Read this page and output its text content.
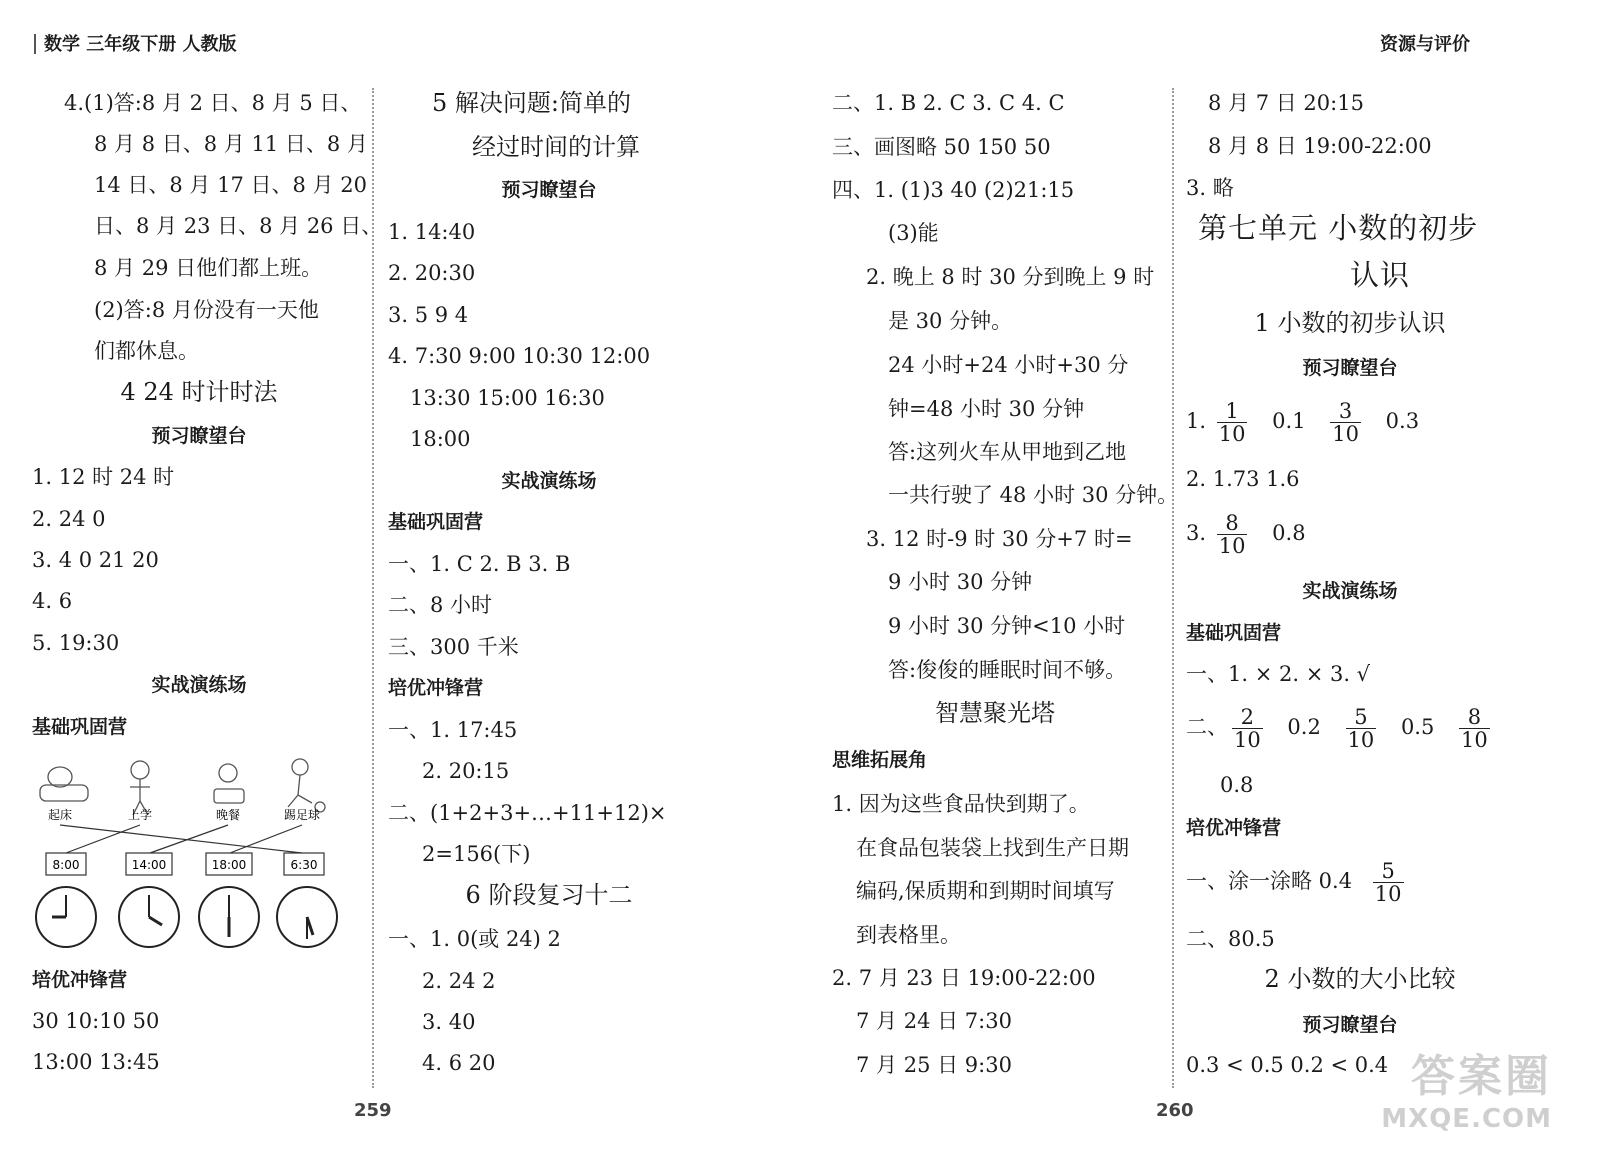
数学 三年级下册 人教版	资源与评价
4.(1)答:8 月 2 日、8 月 5 日、
8 月 8 日、8 月 11 日、8 月
14 日、8 月 17 日、8 月 20
日、8 月 23 日、8 月 26 日、
8 月 29 日他们都上班。
(2)答:8 月份没有一天他
们都休息。
4 24 时计时法
预习瞭望台
1. 12 时 24 时
2. 24 0
3. 4 0 21 20
4. 6
5. 19:30
实战演练场
基础巩固营
起床	上学	晚餐	踢足球
8:00	14:00	18:00	6:30
培优冲锋营
30 10:10 50
13:00 13:45
5 解决问题:简单的
经过时间的计算
预习瞭望台
1. 14:40
2. 20:30
3. 5 9 4
4. 7:30 9:00 10:30 12:00
13:30 15:00 16:30
18:00
实战演练场
基础巩固营
一、1. C 2. B 3. B
二、8 小时
三、300 千米
培优冲锋营
一、1. 17:45
2. 20:15
二、(1+2+3+…+11+12)×
2=156(下)
6 阶段复习十二
一、1. 0(或 24) 2
2. 24 2
3. 40
4. 6 20
二、1. B 2. C 3. C 4. C
三、画图略 50 150 50
四、1. (1)3 40 (2)21:15
(3)能
2. 晚上 8 时 30 分到晚上 9 时
是 30 分钟。
24 小时+24 小时+30 分
钟=48 小时 30 分钟
答:这列火车从甲地到乙地
一共行驶了 48 小时 30 分钟。
3. 12 时-9 时 30 分+7 时=
9 小时 30 分钟
9 小时 30 分钟<10 小时
答:俊俊的睡眠时间不够。
智慧聚光塔
思维拓展角
1. 因为这些食品快到期了。
在食品包装袋上找到生产日期
编码,保质期和到期时间填写
到表格里。
2. 7 月 23 日 19:00-22:00
7 月 24 日 7:30
7 月 25 日 9:30
8 月 7 日 20:15
8 月 8 日 19:00-22:00
3. 略
第七单元 小数的初步
认识
1 小数的初步认识
预习瞭望台
1. $\frac{1}{10} 0.1 \frac{3}{10} 0.3$
2. 1.73 1.6
3. $\frac{8}{10} 0.8$
实战演练场
基础巩固营
一、1. × 2. × 3. √
二、 $\frac{2}{10} 0.2 \frac{5}{10} 0.5 \frac{8}{10}$
0.8
培优冲锋营
一、涂一涂略 $0.4 \frac{5}{10}$
二、80.5
2 小数的大小比较
预习瞭望台
0.3 < 0.5 0.2 < 0.4
259	260
答案圈
MXQE.COM
